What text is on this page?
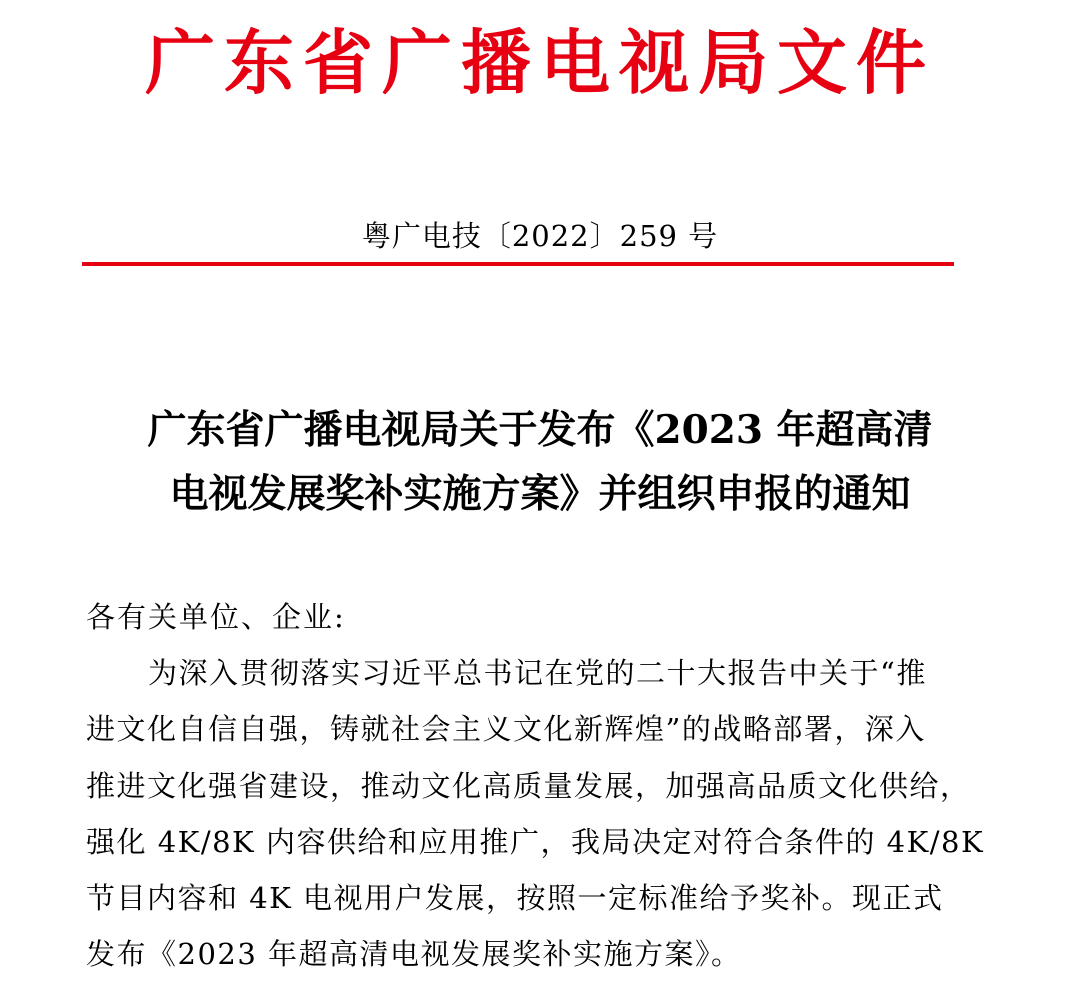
广东省广播电视局文件
粤广电技〔2022〕259 号
广东省广播电视局关于发布《2023 年超高清
电视发展奖补实施方案》并组织申报的通知
各有关单位、企业:
为深入贯彻落实习近平总书记在党的二十大报告中关于“推
进文化自信自强，铸就社会主义文化新辉煌”的战略部署，深入
推进文化强省建设，推动文化高质量发展，加强高品质文化供给，
强化 4K/8K 内容供给和应用推广，我局决定对符合条件的 4K/8K
节目内容和 4K 电视用户发展，按照一定标准给予奖补。现正式
发布《2023 年超高清电视发展奖补实施方案》。
